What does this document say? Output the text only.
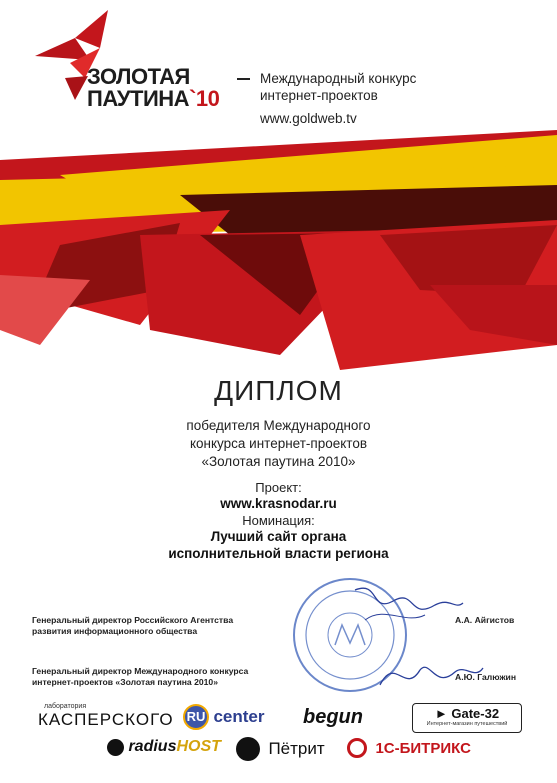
ЗОЛОТАЯ
ПАУТИНА`10
Международный конкурс
интернет-проектов
www.goldweb.tv
ДИПЛОМ
победителя Международного
конкурса интернет-проектов
«Золотая паутина 2010»
Проект:
www.krasnodar.ru
Номинация:
Лучший сайт органа
исполнительной власти региона
Генеральный директор Российского Агентства
развития информационного общества
А.А. Айгистов
Генеральный директор Международного конкурса
интернет-проектов «Золотая паутина 2010»	А.Ю. Галюжин
лаборатория
КАСПЕРСКОГО RU center begun	► Gate-32
Интернет-магазин путешествий
radiusHOST	Пётрит	1С-БИТРИКС
